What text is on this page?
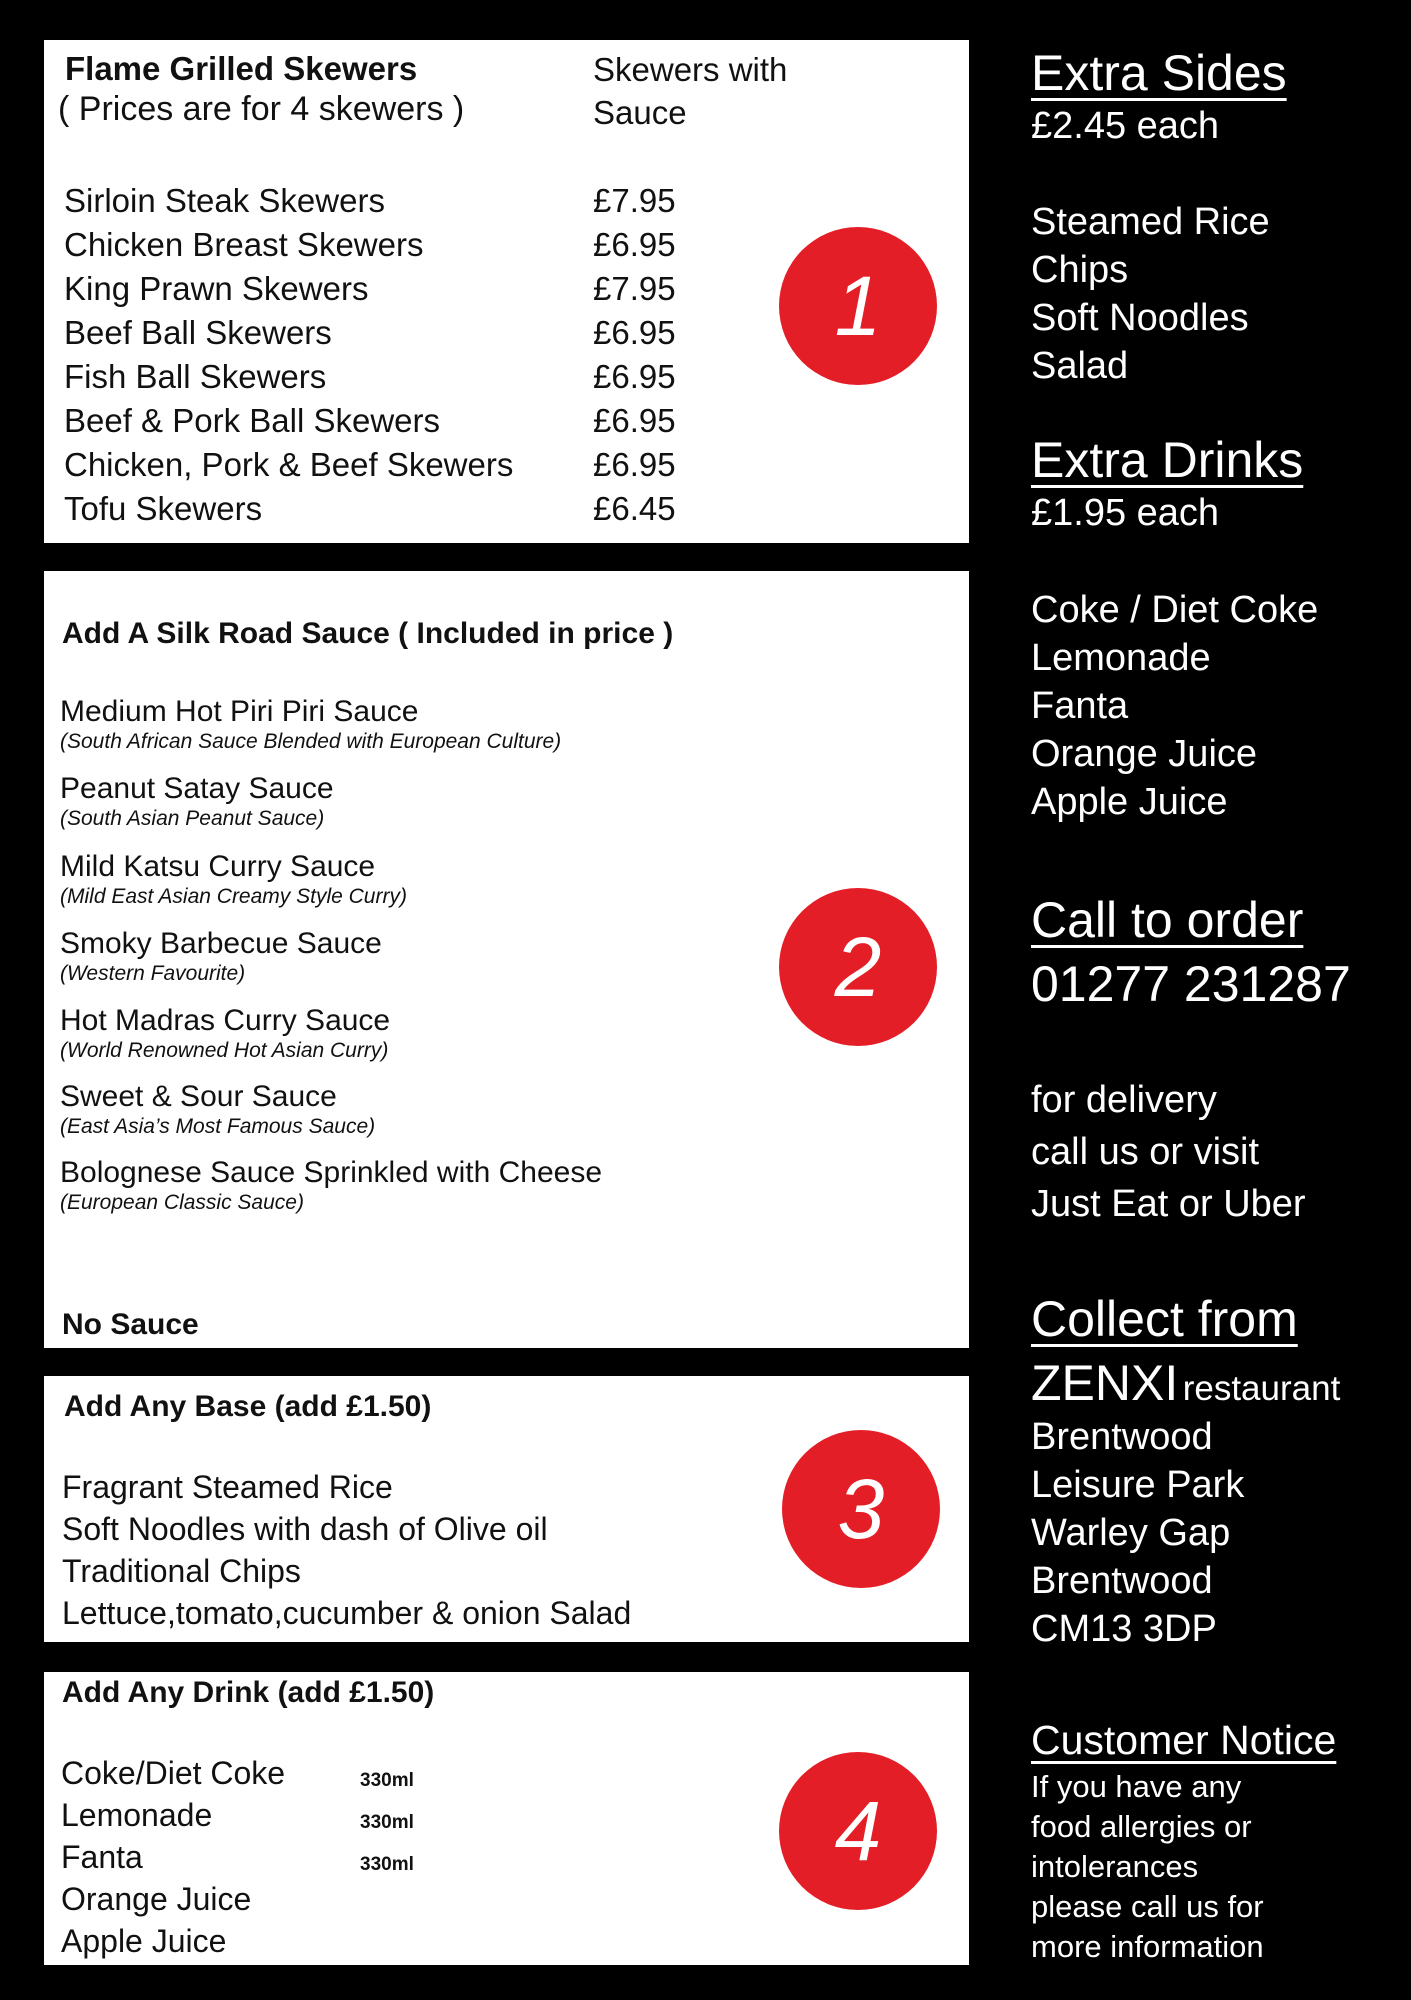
Flame Grilled Skewers
( Prices are for 4 skewers )
Skewers with Sauce
Sirloin Steak Skewers
Chicken Breast Skewers
King Prawn Skewers
Beef Ball Skewers
Fish Ball Skewers
Beef & Pork Ball Skewers
Chicken, Pork & Beef Skewers
Tofu Skewers
£7.95
£6.95
£7.95
£6.95
£6.95
£6.95
£6.95
£6.45
1
Add A Silk Road Sauce ( Included in price )
Medium Hot Piri Piri Sauce
(South African Sauce Blended with European Culture)
Peanut Satay Sauce
(South Asian Peanut Sauce)
Mild Katsu Curry Sauce
(Mild East Asian Creamy Style Curry)
Smoky Barbecue Sauce
(Western Favourite)
Hot Madras Curry Sauce
(World Renowned Hot Asian Curry)
Sweet & Sour Sauce
(East Asia’s Most Famous Sauce)
Bolognese Sauce Sprinkled with Cheese
(European Classic Sauce)
No Sauce
2
Add Any Base (add £1.50)
Fragrant Steamed Rice
Soft Noodles with dash of Olive oil
Traditional Chips
Lettuce,tomato,cucumber & onion Salad
3
Add Any Drink (add £1.50)
Coke/Diet Coke
Lemonade
Fanta
Orange Juice
Apple Juice
330ml
330ml
330ml	4
Extra Sides
£2.45 each
Steamed Rice
Chips
Soft Noodles
Salad
Extra Drinks
£1.95 each
Coke / Diet Coke
Lemonade
Fanta
Orange Juice
Apple Juice
Call to order
01277 231287
for delivery
call us or visit
Just Eat or Uber
Collect from
ZENXI restaurant
Brentwood
Leisure Park
Warley Gap
Brentwood
CM13 3DP
Customer Notice
If you have any
food allergies or
intolerances
please call us for
more information
